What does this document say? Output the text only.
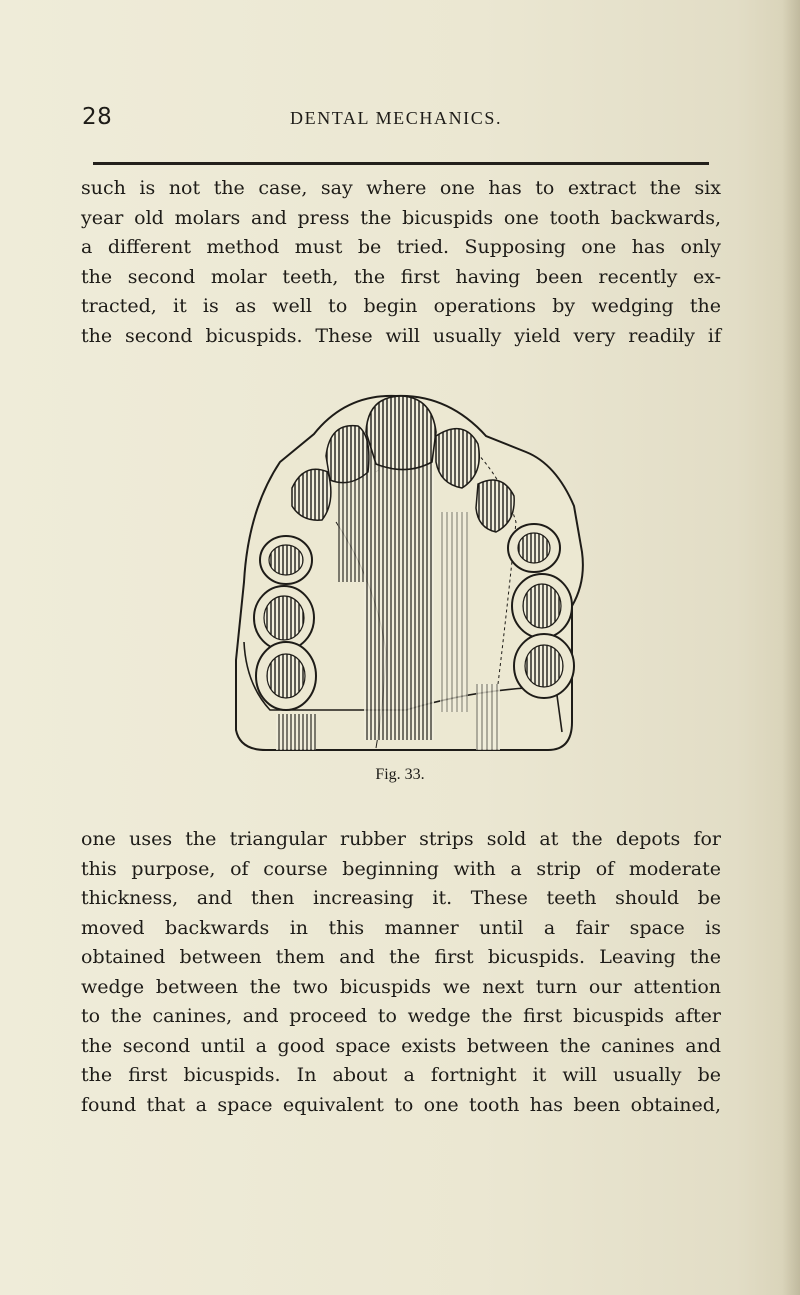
28	DENTAL MECHANICS.

such is not the case, say where one has to extract the six

year old molars and press the bicuspids one tooth backwards,

a different method must be tried. Supposing one has only

the second molar teeth, the first having been recently ex-

tracted, it is as well to begin operations by wedging the

the second bicuspids. These will usually yield very readily if

Fig. 33.

one uses the triangular rubber strips sold at the depots for

this purpose, of course beginning with a strip of moderate

thickness, and then increasing it. These teeth should be

moved backwards in this manner until a fair space is

obtained between them and the first bicuspids. Leaving the

wedge between the two bicuspids we next turn our attention

to the canines, and proceed to wedge the first bicuspids after

the second until a good space exists between the canines and

the first bicuspids. In about a fortnight it will usually be

found that a space equivalent to one tooth has been obtained,
